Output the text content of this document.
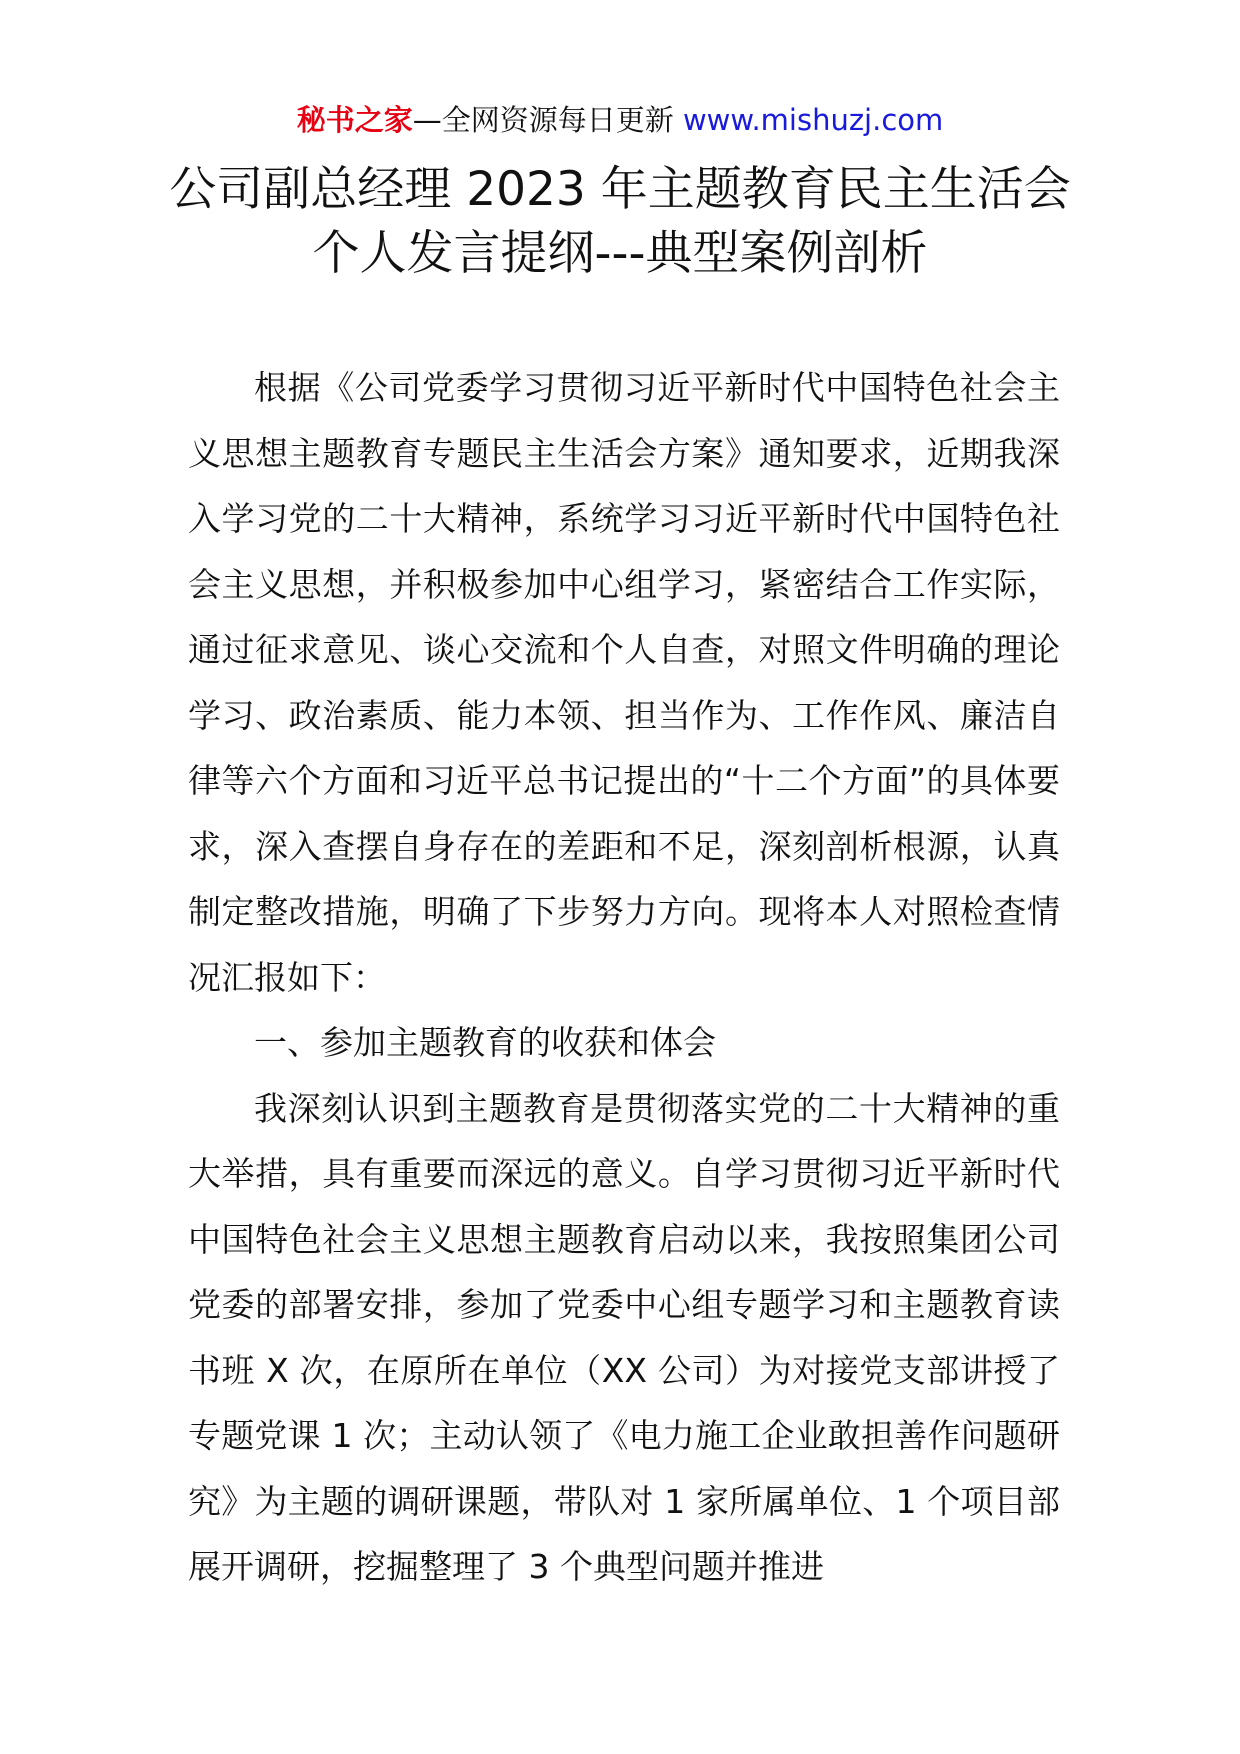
秘书之家—全网资源每日更新 www.mishuzj.com
公司副总经理 2023 年主题教育民主生活会
个人发言提纲---典型案例剖析

根据《公司党委学习贯彻习近平新时代中国特色社会主义思想主题教育专题民主生活会方案》通知要求，近期我深入学习党的二十大精神，系统学习习近平新时代中国特色社会主义思想，并积极参加中心组学习，紧密结合工作实际，通过征求意见、谈心交流和个人自查，对照文件明确的理论学习、政治素质、能力本领、担当作为、工作作风、廉洁自律等六个方面和习近平总书记提出的“十二个方面”的具体要求，深入查摆自身存在的差距和不足，深刻剖析根源，认真制定整改措施，明确了下步努力方向。现将本人对照检查情况汇报如下：

一、参加主题教育的收获和体会

我深刻认识到主题教育是贯彻落实党的二十大精神的重大举措，具有重要而深远的意义。自学习贯彻习近平新时代中国特色社会主义思想主题教育启动以来，我按照集团公司党委的部署安排，参加了党委中心组专题学习和主题教育读书班 X 次，在原所在单位（XX 公司）为对接党支部讲授了专题党课 1 次；主动认领了《电力施工企业敢担善作问题研究》为主题的调研课题，带队对 1 家所属单位、1 个项目部展开调研，挖掘整理了 3 个典型问题并推进
